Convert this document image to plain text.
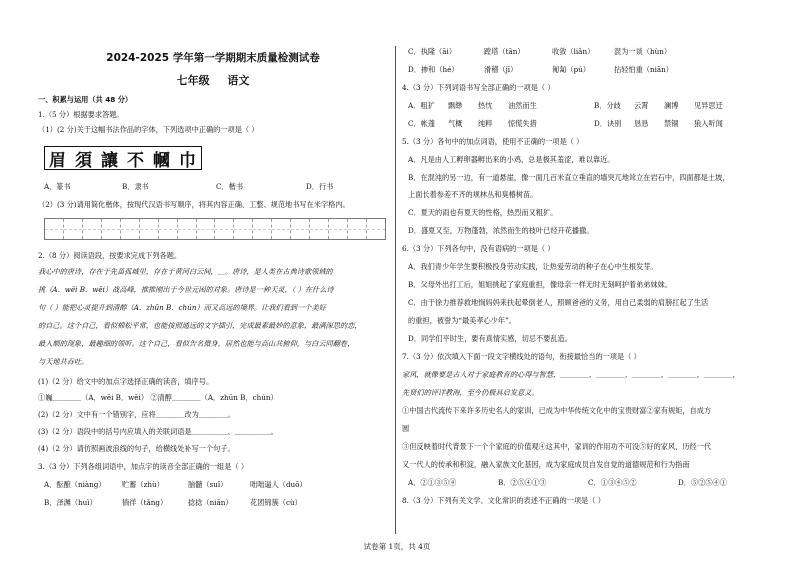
2024-2025 学年第一学期期末质量检测试卷
七年级 语文
一、积累与运用（共 48 分）
1.（5 分）根据要求答题。
（1）(2 分)关于这幅书法作品的字体，下列选项中正确的一项是（ ）
眉 須 讓 不 幗 巾
A．篆书	B．隶书	C．楷书	D．行书
（2）(3 分)请用简化楷体，按现代汉语书写顺序，将其内容正确、工整、规范地书写在米字格内。
2.（8 分）阅读语段，按要求完成下列各题。
我心中的唐诗，存在于先苗孤城里，存在于黄河白云间，＿。唐诗，是人类在古典诗歌领域的
挑（A．wēi B．wěi）战高峰，推推刚出于今世元困的对象。唐诗是一种天灵，（ ）在什么诗
句（ ）能把心灵提升到清醇（A．zhūn B．chún）而又高远的境界。让我们看到一个美好
的自己。这个自己，看似棉松平常，也能按照通远的文字插引，完成最素最妙的意象，最满深思的恋，
最入颇的现象，最趣细的领听。这个自己，看似告名微身，居然也能与高山共俯仰，与白云同翻卷，
与天地共吞吐。
(1)（2 分）给文中的加点字选择正确的读音，填序号。
①巍＿＿＿＿（A．wēi B．wěi） ②清醇＿＿＿＿（A．zhūn B．chún）
(2)（2 分）文中有一个错别字，应将＿＿＿＿改为＿＿＿＿。
(3)（2 分）语段中的括号内应填入的关联词语是＿＿＿＿＿、＿＿＿＿＿。
(4)（2 分）请仿照画波浪线的句子，给横线处补写一个句子。
3.（3 分）下列各组词语中，加点字的读音全部正确的一组是（ ）
A．酝酿（niàng） 贮蓄（zhù）	脑髓（suǐ）	咄咄逼人（duō）
B．泽渊（huì）	徜徉（tǎng）	捻捻（niān） 花团锦簇（cù）
C．执隆（āi）	蹚塔（tān）	收敛（liǎn）	混为一谈（hùn）
D．掺和（hé）	滑稽（jī）	匍匐（pú）	拈轻怕重（niān）
4.（3 分）下列词语书写全部正确的一项是（ ）
A．粗犷 飘缈 热忱 油然而生	B．分歧 云霄 澜博 见异思迁
C．帐蓬 气概 纯粹 惊慌失措	D．诀别 恳恳 禁锢 狼入听闻
5.（3 分）各句中的加点词语，使用不正确的一项是（ ）
A．凡是由人工孵卵器孵出来的小鸡，总是极其羞涩，难以靠近。
B．在混沌的另一边，有一道悬崖，像一面几百米直立垂直的墙突兀地耸立在岩石中，四面都是土坡，
上面长着参差不齐的规林丛和臭椿树苗。
C．夏天的雨也有夏天的性格，热烈而又粗犷。
D．盛夏又至，万物蓬勃，浓然而生的枝叶已经开花播撒。
6.（3 分）下列各句中，没有语病的一项是（ ）
A．我们青少年学生要积极投身劳动实践，让热爱劳动的种子在心中生根发芽。
B．父母外出打工后，姐姐挑起了家庭重担，像母亲一样无时无刻呵护着弟弟妹妹。
C．由于徐力推荐救地悯妈妈来扶起晕倒老人，照顾爸爸的义务，用自己柔弱的肩膀扛起了生活
的重担，被誉为“最美孝心少年”。
D．同学们平时生，要有真情实感，切忌不要乱造。
7.（3 分）依次填入下面一段文字横线处的语句，衔接最恰当的一项是（ ）
家风，就像要是古人对于家庭教育的心得与智慧，＿＿＿＿，＿＿＿＿，＿＿＿＿，＿＿＿＿，＿＿＿＿，
先贤们的评详教海，至今仍极具启发意义。
①中国古代流传下来许多历史名人的家训，已成为中华传统文化中的宝贵财富②家有规矩，自成方
圆
③但反映着时代背景下一个个家庭的价值观④这其中，家训的作用功不可没⑤好的家风，历经一代
又一代人的传承和积淀，融入家族文化基因，成为家庭成员自发自觉的道德规范和行为指南
A．②①③⑤④	B．②⑤④①③	C．①③④⑤②	D．⑤②⑤④①
8.（3 分）下列有关文学、文化常识的表述不正确的一项是（ ）
试卷第 1页，共 4页
